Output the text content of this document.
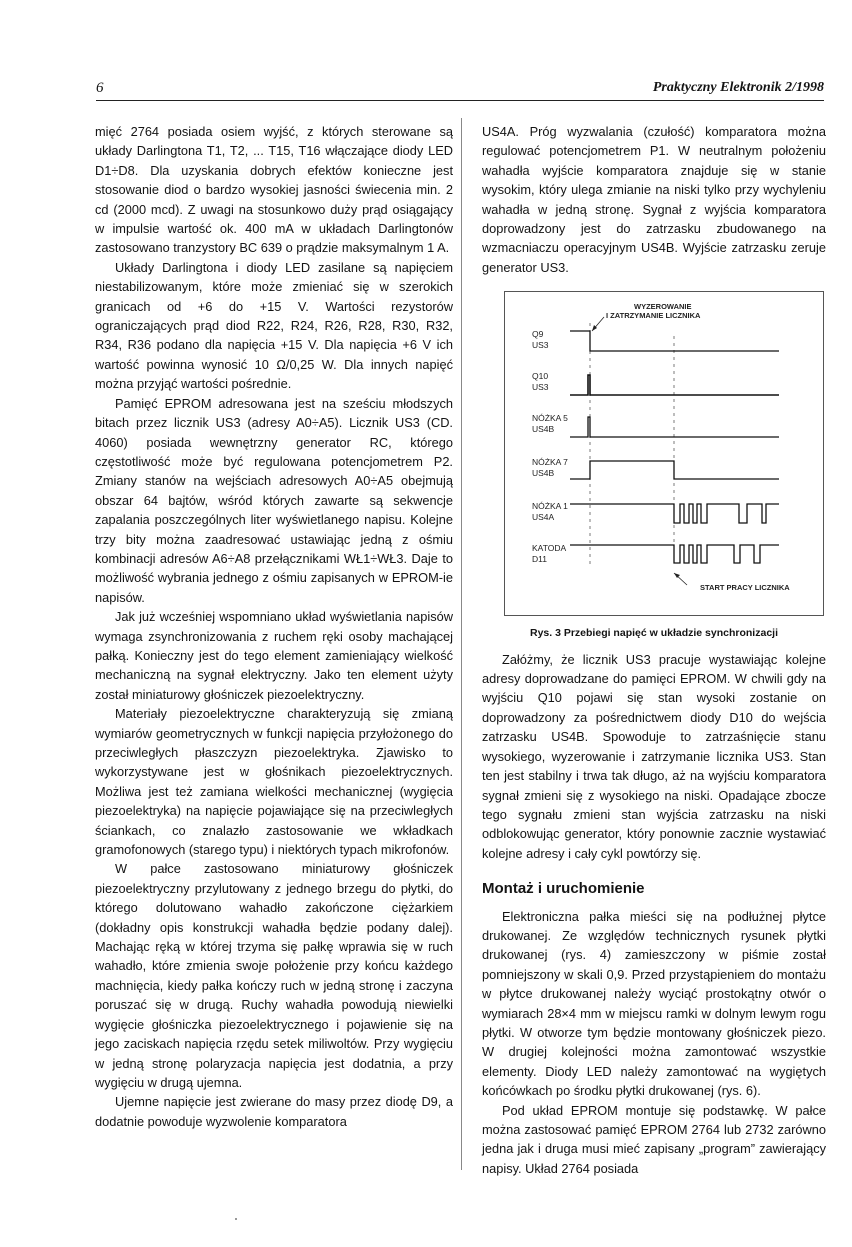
6	Praktyczny Elektronik 2/1998

mięć 2764 posiada osiem wyjść, z których sterowane są układy Darlingtona T1, T2, ... T15, T16 włączające diody LED D1÷D8. Dla uzyskania dobrych efektów konieczne jest stosowanie diod o bardzo wysokiej jasności świecenia min. 2 cd (2000 mcd). Z uwagi na stosunkowo duży prąd osiągający w impulsie wartość ok. 400 mA w układach Darlingtonów zastosowano tranzystory BC 639 o prądzie maksymalnym 1 A.

Układy Darlingtona i diody LED zasilane są napięciem niestabilizowanym, które może zmieniać się w szerokich granicach od +6 do +15 V. Wartości rezystorów ograniczających prąd diod R22, R24, R26, R28, R30, R32, R34, R36 podano dla napięcia +15 V. Dla napięcia +6 V ich wartość powinna wynosić 10 Ω/0,25 W. Dla innych napięć można przyjąć wartości pośrednie.

Pamięć EPROM adresowana jest na sześciu młodszych bitach przez licznik US3 (adresy A0÷A5). Licznik US3 (CD. 4060) posiada wewnętrzny generator RC, którego częstotliwość może być regulowana potencjometrem P2. Zmiany stanów na wejściach adresowych A0÷A5 obejmują obszar 64 bajtów, wśród których zawarte są sekwencje zapalania poszczególnych liter wyświetlanego napisu. Kolejne trzy bity można zaadresować ustawiając jedną z ośmiu kombinacji adresów A6÷A8 przełącznikami WŁ1÷WŁ3. Daje to możliwość wybrania jednego z ośmiu zapisanych w EPROM-ie napisów.

Jak już wcześniej wspomniano układ wyświetlania napisów wymaga zsynchronizowania z ruchem ręki osoby machającej pałką. Konieczny jest do tego element zamieniający wielkość mechaniczną na sygnał elektryczny. Jako ten element użyty został miniaturowy głośniczek piezoelektryczny.

Materiały piezoelektryczne charakteryzują się zmianą wymiarów geometrycznych w funkcji napięcia przyłożonego do przeciwległych płaszczyzn piezoelektryka. Zjawisko to wykorzystywane jest w głośnikach piezoelektrycznych. Możliwa jest też zamiana wielkości mechanicznej (wygięcia piezoelektryka) na napięcie pojawiające się na przeciwległych ściankach, co znalazło zastosowanie we wkładkach gramofonowych (starego typu) i niektórych typach mikrofonów.

W pałce zastosowano miniaturowy głośniczek piezoelektryczny przylutowany z jednego brzegu do płytki, do którego dolutowano wahadło zakończone ciężarkiem (dokładny opis konstrukcji wahadła będzie podany dalej). Machając ręką w której trzyma się pałkę wprawia się w ruch wahadło, które zmienia swoje położenie przy końcu każdego machnięcia, kiedy pałka kończy ruch w jedną stronę i zaczyna poruszać się w drugą. Ruchy wahadła powodują niewielki wygięcie głośniczka piezoelektrycznego i pojawienie się na jego zaciskach napięcia rzędu setek miliwoltów. Przy wygięciu w jedną stronę polaryzacja napięcia jest dodatnia, a przy wygięciu w drugą ujemna.

Ujemne napięcie jest zwierane do masy przez diodę D9, a dodatnie powoduje wyzwolenie komparatora

US4A. Próg wyzwalania (czułość) komparatora można regulować potencjometrem P1. W neutralnym położeniu wahadła wyjście komparatora znajduje się w stanie wysokim, który ulega zmianie na niski tylko przy wychyleniu wahadła w jedną stronę. Sygnał z wyjścia komparatora doprowadzony jest do zatrzasku zbudowanego na wzmacniaczu operacyjnym US4B. Wyjście zatrzasku zeruje generator US3.

WYZEROWANIE
I ZATRZYMANIE LICZNIKA
START PRACY LICZNIKA
Q9
US3
Q10
US3
NÓŻKA 5
US4B
NÓŻKA 7
US4B
NÓŻKA 1
US4A
KATODA
D11
Rys. 3 Przebiegi napięć w układzie synchronizacji

Załóżmy, że licznik US3 pracuje wystawiając kolejne adresy doprowadzane do pamięci EPROM. W chwili gdy na wyjściu Q10 pojawi się stan wysoki zostanie on doprowadzony za pośrednictwem diody D10 do wejścia zatrzasku US4B. Spowoduje to zatrzaśnięcie stanu wysokiego, wyzerowanie i zatrzymanie licznika US3. Stan ten jest stabilny i trwa tak długo, aż na wyjściu komparatora sygnał zmieni się z wysokiego na niski. Opadające zbocze tego sygnału zmieni stan wyjścia zatrzasku na niski odblokowując generator, który ponownie zacznie wystawiać kolejne adresy i cały cykl powtórzy się.

Montaż i uruchomienie

Elektroniczna pałka mieści się na podłużnej płytce drukowanej. Ze względów technicznych rysunek płytki drukowanej (rys. 4) zamieszczony w piśmie został pomniejszony w skali 0,9. Przed przystąpieniem do montażu w płytce drukowanej należy wyciąć prostokątny otwór o wymiarach 28×4 mm w miejscu ramki w dolnym lewym rogu płytki. W otworze tym będzie montowany głośniczek piezo. W drugiej kolejności można zamontować wszystkie elementy. Diody LED należy zamontować na wygiętych końcówkach po środku płytki drukowanej (rys. 6).

Pod układ EPROM montuje się podstawkę. W pałce można zastosować pamięć EPROM 2764 lub 2732 zarówno jedna jak i druga musi mieć zapisany „program” zawierający napisy. Układ 2764 posiada
